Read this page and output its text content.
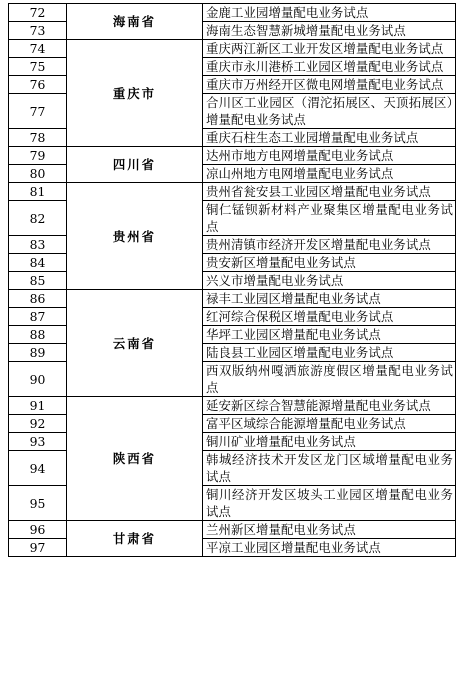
72	海南省	金鹿工业园增量配电业务试点
73		海南生态智慧新城增量配电业务试点
74	重庆市	重庆两江新区工业开发区增量配电业务试点
75		重庆市永川港桥工业园区增量配电业务试点
76		重庆市万州经开区微电网增量配电业务试点
77		合川区工业园区（渭沱拓展区、天顶拓展区）增量配电业务试点
78		重庆石柱生态工业园增量配电业务试点
79	四川省	达州市地方电网增量配电业务试点
80		凉山州地方电网增量配电业务试点
81	贵州省	贵州省瓮安县工业园区增量配电业务试点
82		铜仁锰钡新材料产业聚集区增量配电业务试点
83		贵州清镇市经济开发区增量配电业务试点
84		贵安新区增量配电业务试点
85		兴义市增量配电业务试点
86	云南省	禄丰工业园区增量配电业务试点
87		红河综合保税区增量配电业务试点
88		华坪工业园区增量配电业务试点
89		陆良县工业园区增量配电业务试点
90		西双版纳州嘎洒旅游度假区增量配电业务试点
91	陕西省	延安新区综合智慧能源增量配电业务试点
92		富平区域综合能源增量配电业务试点
93		铜川矿业增量配电业务试点
94		韩城经济技术开发区龙门区域增量配电业务试点
95		铜川经济开发区坡头工业园区增量配电业务试点
96	甘肃省	兰州新区增量配电业务试点
97		平凉工业园区增量配电业务试点
